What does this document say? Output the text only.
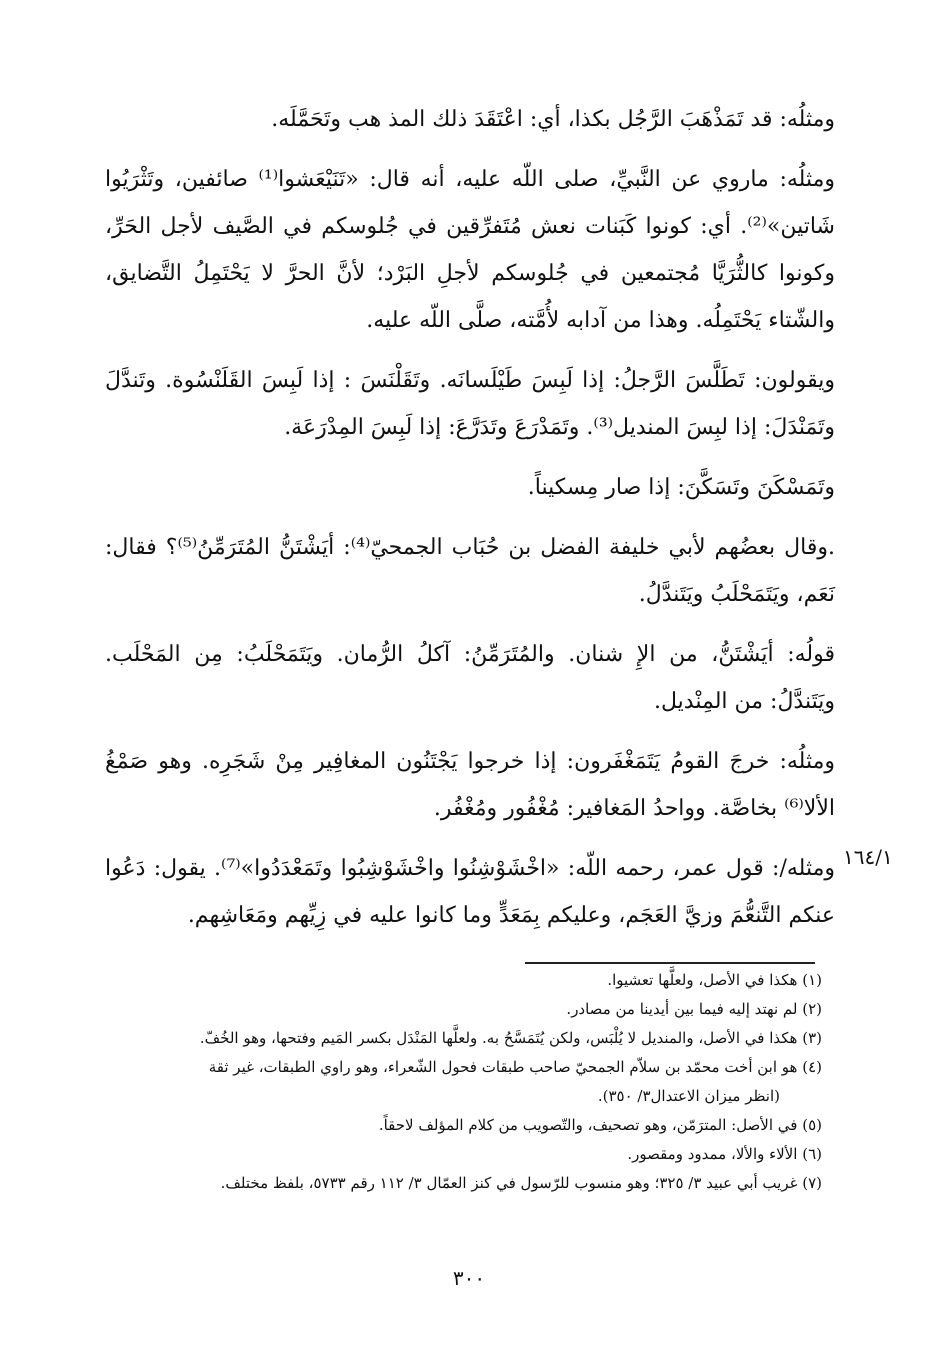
ومثلُه: قد تَمَذْهَبَ الرَّجُل بكذا، أي: اعْتَقَدَ ذلك المذ هب وتَحَمَّلَه.

ومثلُه: ماروي عن النَّبيِّ، صلى اللّه عليه، أنه قال: «تَنَيْعَشوا⁽¹⁾ صائفين، وتَثْرَيُوا شَاتين»⁽²⁾. أي: كونوا كَبَنات نعش مُتَفرِّقين في جُلوسكم في الصَّيف لأجل الحَرِّ، وكونوا كالثُّرَيَّا مُجتمعين في جُلوسكم لأجلِ البَرْد؛ لأنَّ الحرَّ لا يَحْتَمِلُ التَّضايق، والشّتاء يَحْتَمِلُه. وهذا من آدابه لأُمَّته، صلَّى اللّه عليه.

ويقولون: تَطَلَّسَ الرَّجلُ: إذا لَبِسَ طَيْلَسانَه. وتَقَلْنَسَ : إذا لَبِسَ القَلَنْسُوة. وتَندَّلَ وتَمَنْدَلَ: إذا لبِسَ المنديل⁽³⁾. وتَمَدْرَعَ وتَدَرَّعَ: إذا لَبِسَ المِدْرَعَة.

وتَمَسْكَنَ وتَسَكَّنَ: إذا صار مِسكيناً.

.وقال بعضُهم لأبي خليفة الفضل بن حُبَاب الجمحيّ⁽⁴⁾: أيَشْتَنُّ المُتَرَمِّنُ⁽⁵⁾؟ فقال: نَعَم، ويَتَمَحْلَبُ ويَتَندَّلُ.

قولُه: أيَشْتَنُّ، من الإِ شنان. والمُتَرَمِّنُ: آكلُ الرُّمان. ويَتَمَحْلَبُ: مِن المَحْلَب. ويَتَندَّلُ: من المِنْديل.

ومثلُه: خرجَ القومُ يَتَمَغْفَرون: إذا خرجوا يَجْتَنُون المغافِير مِنْ شَجَرِه. وهو صَمْغُ الألا⁽⁶⁾ بخاصَّة. وواحدُ المَغافير: مُغْفُور ومُغْفُر.

ومثله/: قول عمر، رحمه اللّه: «اخْشَوْشِنُوا واخْشَوْشِبُوا وتَمَعْدَدُوا»⁽⁷⁾. يقول: دَعُوا عنكم التَّنعُّمَ وزيَّ العَجَم، وعليكم بِمَعَدٍّ وما كانوا عليه في زِيِّهم ومَعَاشِهم.

١٦٤/١

(١) هكذا في الأصل، ولعلَّها تعشيوا.

(٢) لم نهتد إليه فيما بين أيدينا من مصادر.

(٣) هكذا في الأصل، والمنديل لا يُلْبَس، ولكن يُتَمَسَّحُ به. ولعلَّها المَنْدَل بكسر المَيم وفتحها، وهو الخُفّ.

(٤) هو ابن أخت محمّد بن سلاّم الجمحيّ صاحب طبقات فحول الشّعراء، وهو راوي الطبقات، غير ثقة

(انظر ميزان الاعتدال٣/ ٣٥٠).

(٥) في الأصل: المترَمّن، وهو تصحيف، والتّصويب من كلام المؤلف لاحقاً.

(٦) الألاء والألا، ممدود ومقصور.

(٧) غريب أبي عبيد ٣/ ٣٢٥؛ وهو منسوب للرّسول في كنز العمّال ٣/ ١١٢ رقم ٥٧٣٣، بلفظ مختلف.

٣٠٠
